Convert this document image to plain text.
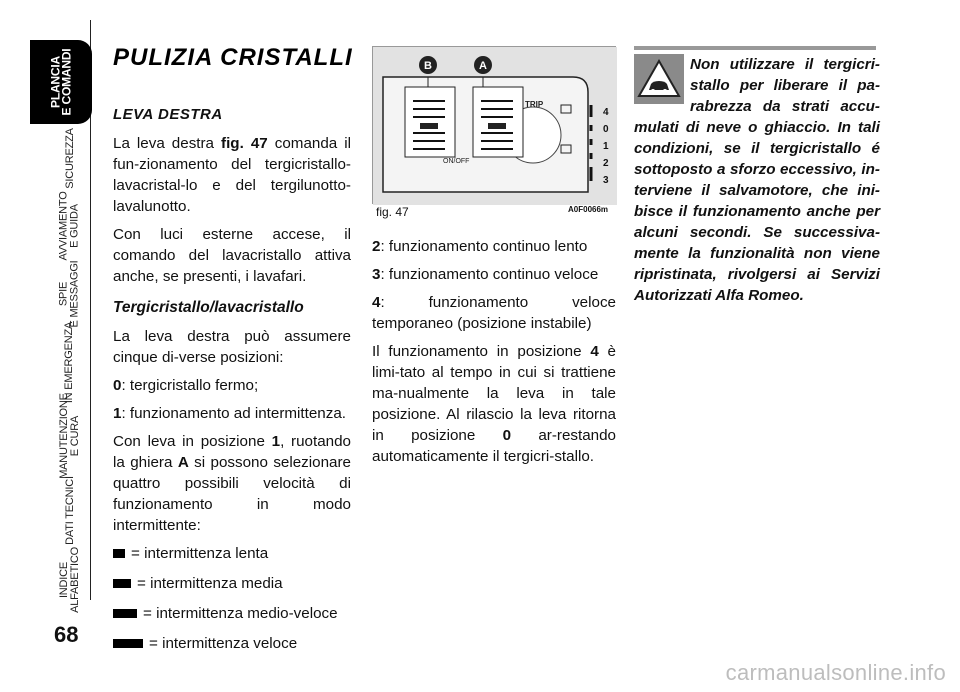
PLANCIA
E COMANDI
SICUREZZA
AVVIAMENTO
E GUIDA
SPIE
E MESSAGGI
IN EMERGENZA
MANUTENZIONE
E CURA
DATI TECNICI
INDICE
ALFABETICO
68
PULIZIA CRISTALLI
LEVA DESTRA

La leva destra fig. 47 comanda il fun-zionamento del tergicristallo-lavacristal-lo e del tergilunotto-lavalunotto.

Con luci esterne accese, il comando del lavacristallo attiva anche, se presenti, i lavafari.

Tergicristallo/lavacristallo

La leva destra può assumere cinque di-verse posizioni:

0: tergicristallo fermo;

1: funzionamento ad intermittenza.

Con leva in posizione 1, ruotando la ghiera A si possono selezionare quattro possibili velocità di funzionamento in modo intermittente:

= intermittenza lenta
= intermittenza media
= intermittenza medio-veloce
= intermittenza veloce
B	A
TRIP
ON/OFF
4
0
1
2
3
fig. 47	A0F0066m

2: funzionamento continuo lento

3: funzionamento continuo veloce

4: funzionamento veloce temporaneo (posizione instabile)

Il funzionamento in posizione 4 è limi-tato al tempo in cui si trattiene ma-nualmente la leva in tale posizione. Al rilascio la leva ritorna in posizione 0 ar-restando automaticamente il tergicri-stallo.

Non utilizzare il tergicri-stallo per liberare il pa-rabrezza da strati accu-mulati di neve o ghiaccio. In tali condizioni, se il tergicristallo é sottoposto a sforzo eccessivo, in-terviene il salvamotore, che ini-bisce il funzionamento anche per alcuni secondi. Se successiva-mente la funzionalità non viene ripristinata, rivolgersi ai Servizi Autorizzati Alfa Romeo.
carmanualsonline.info
